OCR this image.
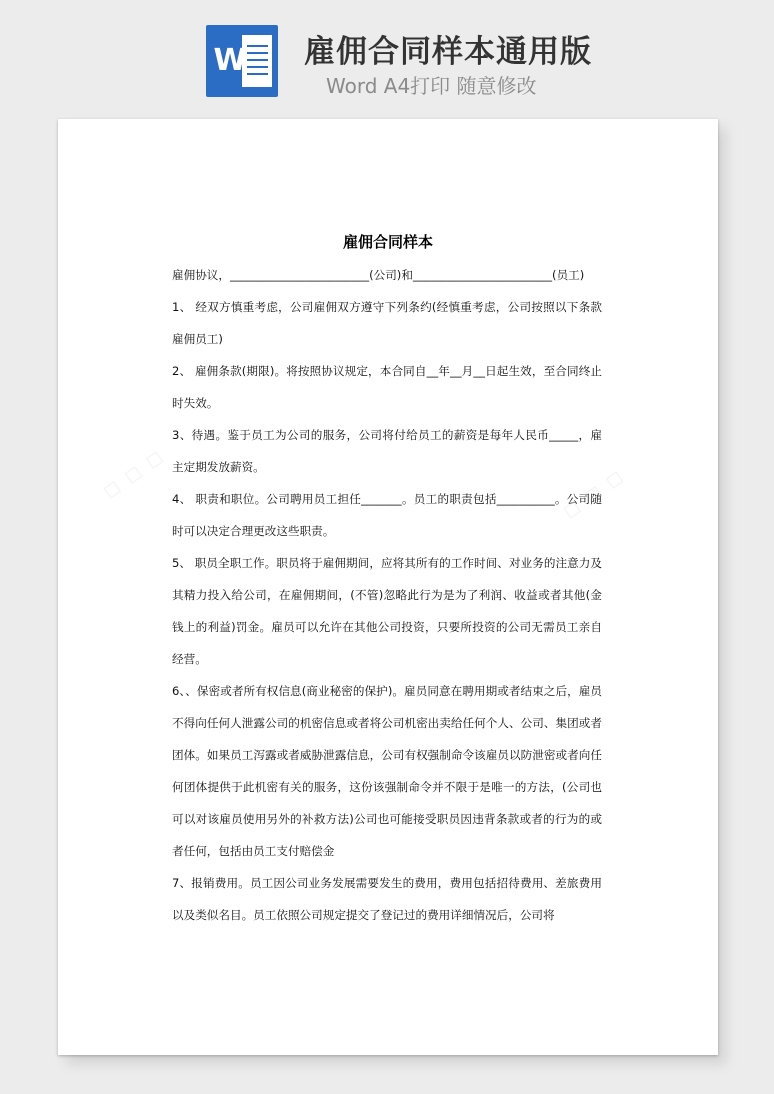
W 雇佣合同样本通用版
Word A4打印 随意修改
雇佣合同样本

雇佣协议，________________________(公司)和________________________(员工)

1、 经双方慎重考虑，公司雇佣双方遵守下列条约(经慎重考虑，公司按照以下条款雇佣员工)

2、 雇佣条款(期限)。将按照协议规定，本合同自__年__月__日起生效，至合同终止时失效。

3、待遇。鉴于员工为公司的服务，公司将付给员工的薪资是每年人民币_____，雇主定期发放薪资。

4、 职责和职位。公司聘用员工担任_______。员工的职责包括__________。公司随时可以决定合理更改这些职责。

5、 职员全职工作。职员将于雇佣期间，应将其所有的工作时间、对业务的注意力及其精力投入给公司，在雇佣期间，(不管)忽略此行为是为了利润、收益或者其他(金钱上的利益)罚金。雇员可以允许在其他公司投资，只要所投资的公司无需员工亲自经营。

6、、保密或者所有权信息(商业秘密的保护)。雇员同意在聘用期或者结束之后，雇员不得向任何人泄露公司的机密信息或者将公司机密出卖给任何个人、公司、集团或者团体。如果员工泻露或者威胁泄露信息，公司有权强制命令该雇员以防泄密或者向任何团体提供于此机密有关的服务，这份该强制命令并不限于是唯一的方法，(公司也可以对该雇员使用另外的补救方法)公司也可能接受职员因违背条款或者的行为的或者任何，包括由员工支付赔偿金

7、报销费用。员工因公司业务发展需要发生的费用，费用包括招待费用、差旅费用以及类似名目。员工依照公司规定提交了登记过的费用详细情况后，公司将
